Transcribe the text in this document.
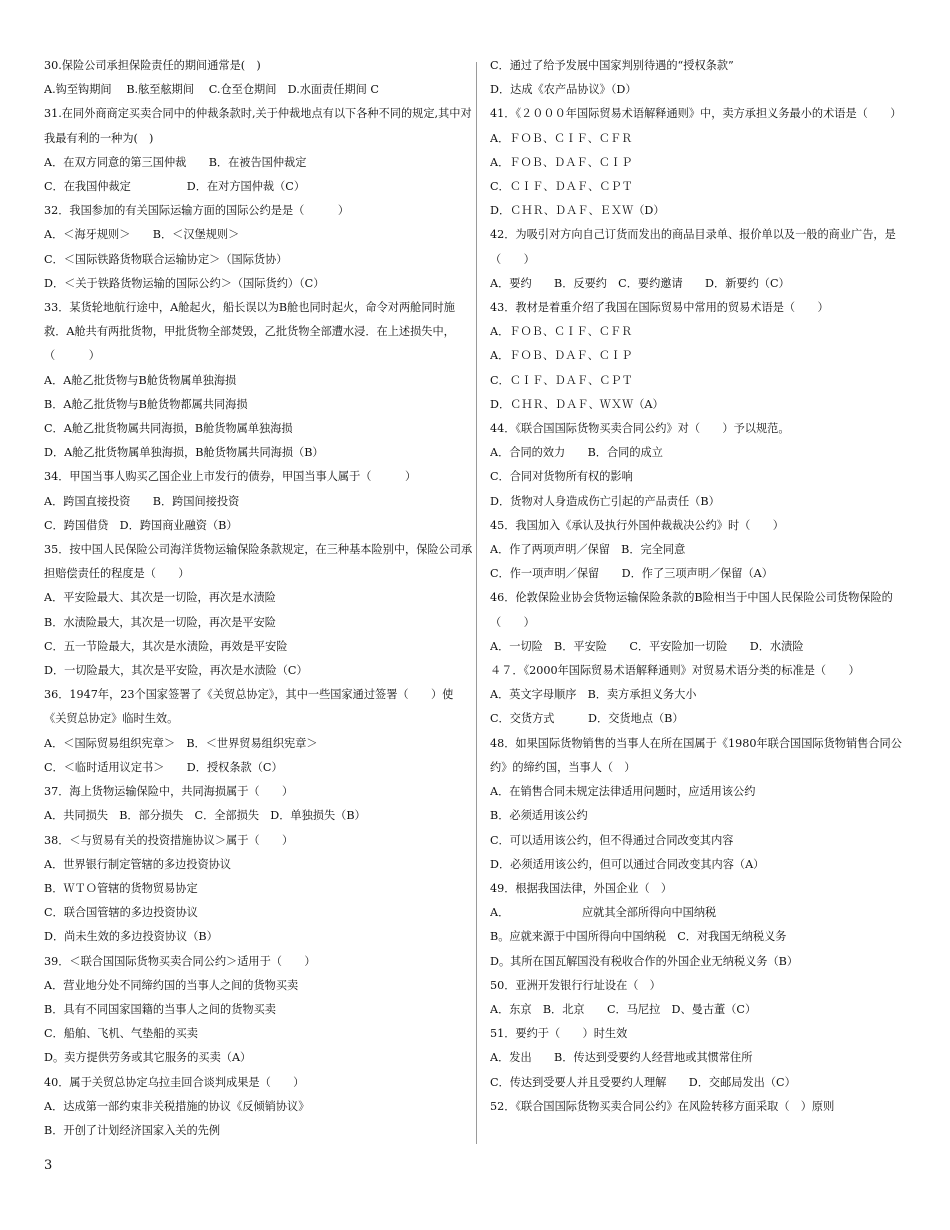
30.保险公司承担保险责任的期间通常是(　)
A.钩至钩期间　 B.舷至舷期间　 C.仓至仓期间　D.水面责任期间 C
31.在同外商商定买卖合同中的仲裁条款时,关于仲裁地点有以下各种不同的规定,其中对我最有利的一种为(　)
A．在双方同意的第三国仲裁　　B．在被告国仲裁定
C．在我国仲裁定　　　　　D．在对方国仲裁（C）
32．我国参加的有关国际运输方面的国际公约是是（　　　）
A．＜海牙规则＞　　B．＜汉堡规则＞
C．＜国际铁路货物联合运输协定＞（国际货协）
D．＜关于铁路货物运输的国际公约＞（国际货约）（C）
33．某货轮地航行途中，A舱起火，船长误以为B舱也同时起火，命令对两舱同时施救．A舱共有两批货物，甲批货物全部焚毁，乙批货物全部遭水浸．在上述损失中，（　　　）
A．A舱乙批货物与B舱货物属单独海损
B．A舱乙批货物与B舱货物都属共同海损
C．A舱乙批货物属共同海损，B舱货物属单独海损
D．A舱乙批货物属单独海损，B舱货物属共同海损（B）
34．甲国当事人购买乙国企业上市发行的债券，甲国当事人属于（　　　）
A．跨国直接投资　　B．跨国间接投资
C．跨国借贷　D．跨国商业融资（B）
35．按中国人民保险公司海洋货物运输保险条款规定，在三种基本险别中，保险公司承担赔偿责任的程度是（　　）
A．平安险最大、其次是一切险，再次是水渍险
B．水渍险最大，其次是一切险，再次是平安险
C．五一节险最大，其次是水渍险，再效是平安险
D．一切险最大，其次是平安险，再次是水渍险（C）
36．1947年，23个国家签署了《关贸总协定》，其中一些国家通过签署（　　）使《关贸总协定》临时生效。
A．＜国际贸易组织宪章＞　B．＜世界贸易组织宪章＞
C．＜临时适用议定书＞　　D．授权条款（C）
37．海上货物运输保险中，共同海损属于（　　）
A．共同损失　B．部分损失　C．全部损失　D．单独损失（B）
38．＜与贸易有关的投资措施协议＞属于（　　）
A．世界银行制定管辖的多边投资协议
B．ＷＴＯ管辖的货物贸易协定
C．联合国管辖的多边投资协议
D．尚未生效的多边投资协议（B）
39．＜联合国国际货物买卖合同公约＞适用于（　　）
A．营业地分处不同缔约国的当事人之间的货物买卖
B．具有不同国家国籍的当事人之间的货物买卖
C．船舶、飞机、气垫船的买卖
D。卖方提供劳务或其它服务的买卖（A）
40．属于关贸总协定乌拉圭回合谈判成果是（　　）
A．达成第一部约束非关税措施的协议《反倾销协议》
B．开创了计划经济国家入关的先例
C．通过了给予发展中国家判别待遇的“授权条款”
D．达成《农产品协议》（D）
41．《２０００年国际贸易术语解释通则》中，卖方承担义务最小的术语是（　　）
A．ＦＯＢ、ＣＩＦ、ＣＦＲ
A．ＦＯＢ、ＤＡＦ、ＣＩＰ
C．ＣＩＦ、ＤＡＦ、ＣＰＴ
D．ＣＨＲ、ＤＡＦ、ＥＸＷ（D）
42．为吸引对方向自己订货而发出的商品目录单、报价单以及一般的商业广告，是（　　）
A．要约　　B．反要约　C．要约邀请　　D．新要约（C）
43．教材是着重介绍了我国在国际贸易中常用的贸易术语是（　　）
A．ＦＯＢ、ＣＩＦ、ＣＦＲ
A．ＦＯＢ、ＤＡＦ、ＣＩＰ
C．ＣＩＦ、ＤＡＦ、ＣＰＴ
D．ＣＨＲ、ＤＡＦ、ＷＸＷ（A）
44．《联合国国际货物买卖合同公约》对（　　）予以规范。
A．合同的效力　　B．合同的成立
C．合同对货物所有权的影响
D．货物对人身造成伤亡引起的产品责任（B）
45．我国加入《承认及执行外国仲裁裁决公约》时（　　）
A．作了两项声明／保留　B．完全同意
C．作一项声明／保留　　D．作了三项声明／保留（A）
46．伦敦保险业协会货物运输保险条款的B险相当于中国人民保险公司货物保险的（　　）
A．一切险　B．平安险　　C．平安险加一切险　　D．水渍险
４７．《2000年国际贸易术语解释通则》对贸易术语分类的标准是（　　）
A．英文字母顺序　B．卖方承担义务大小
C．交货方式　　　D．交货地点（B）
48．如果国际货物销售的当事人在所在国属于《1980年联合国国际货物销售合同公约》的缔约国，当事人（　）
A．在销售合同未规定法律适用问题时，应适用该公约
B．必须适用该公约
C．可以适用该公约，但不得通过合同改变其内容
D．必须适用该公约，但可以通过合同改变其内容（A）
49．根据我国法律，外国企业（　）
A．　　　　　　　应就其全部所得向中国纳税
B。应就来源于中国所得向中国纳税　C．对我国无纳税义务
D。其所在国瓦解国没有税收合作的外国企业无纳税义务（B）
50．亚洲开发银行行址设在（　）
A．东京　B．北京　　C．马尼拉　D、曼古董（C）
51．要约于（　　）时生效
A．发出　　B．传达到受要约人经营地或其惯常住所
C．传达到受要人并且受要约人理解　　D．交邮局发出（C）
52．《联合国国际货物买卖合同公约》在风险转移方面采取（　）原则
3
